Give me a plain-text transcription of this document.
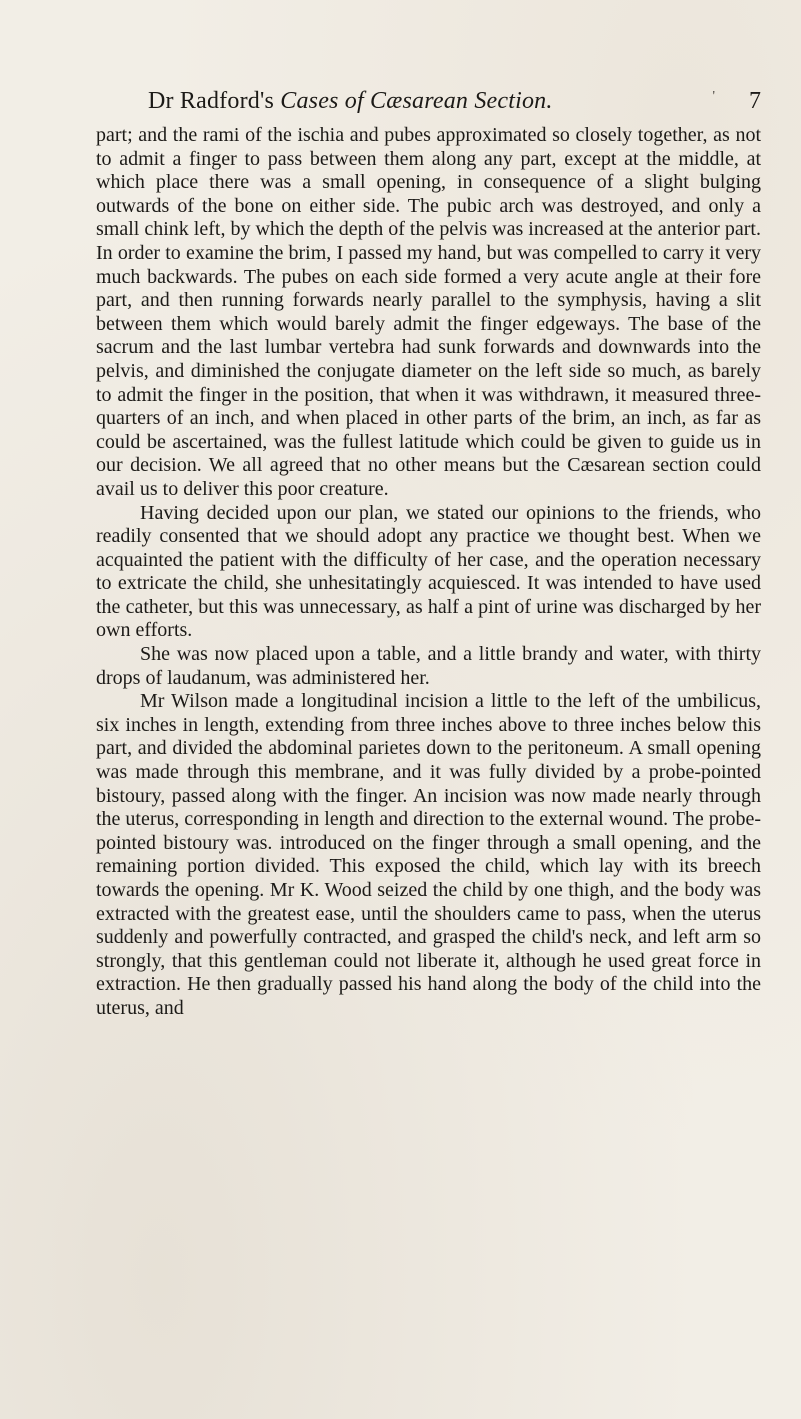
Dr Radford's Cases of Cæsarean Section.	' 7

part; and the rami of the ischia and pubes approximated so closely together, as not to admit a finger to pass between them along any part, except at the middle, at which place there was a small opening, in consequence of a slight bulging outwards of the bone on either side. The pubic arch was destroyed, and only a small chink left, by which the depth of the pelvis was increased at the anterior part. In order to examine the brim, I passed my hand, but was compelled to carry it very much backwards. The pubes on each side formed a very acute angle at their fore part, and then running forwards nearly parallel to the symphysis, having a slit between them which would barely admit the finger edgeways. The base of the sacrum and the last lumbar vertebra had sunk forwards and downwards into the pelvis, and diminished the conjugate diameter on the left side so much, as barely to admit the finger in the position, that when it was withdrawn, it measured three-quarters of an inch, and when placed in other parts of the brim, an inch, as far as could be ascertained, was the fullest latitude which could be given to guide us in our decision. We all agreed that no other means but the Cæsarean section could avail us to deliver this poor creature.

Having decided upon our plan, we stated our opinions to the friends, who readily consented that we should adopt any practice we thought best. When we acquainted the patient with the difficulty of her case, and the operation necessary to extricate the child, she unhesitatingly acquiesced. It was intended to have used the catheter, but this was unnecessary, as half a pint of urine was discharged by her own efforts.

She was now placed upon a table, and a little brandy and water, with thirty drops of laudanum, was administered her.

Mr Wilson made a longitudinal incision a little to the left of the umbilicus, six inches in length, extending from three inches above to three inches below this part, and divided the abdominal parietes down to the peritoneum. A small opening was made through this membrane, and it was fully divided by a probe-pointed bistoury, passed along with the finger. An incision was now made nearly through the uterus, corresponding in length and direction to the external wound. The probe-pointed bistoury was. introduced on the finger through a small opening, and the remaining portion divided. This exposed the child, which lay with its breech towards the opening. Mr K. Wood seized the child by one thigh, and the body was extracted with the greatest ease, until the shoulders came to pass, when the uterus suddenly and powerfully contracted, and grasped the child's neck, and left arm so strongly, that this gentleman could not liberate it, although he used great force in extraction. He then gradually passed his hand along the body of the child into the uterus, and
